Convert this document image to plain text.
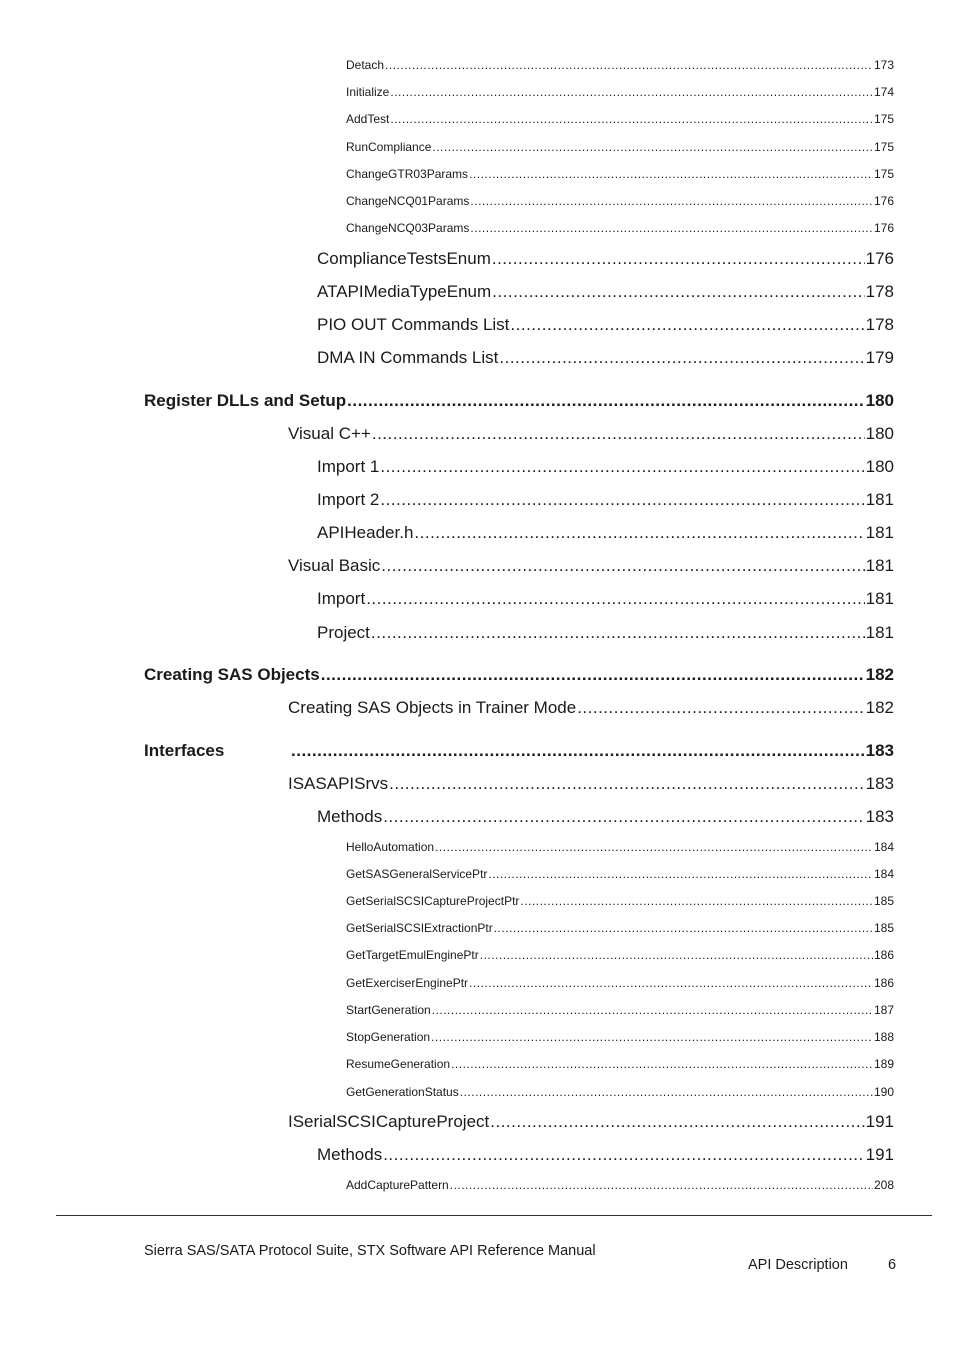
Detach .....	173
Initialize .....	174
AddTest .....	175
RunCompliance .....	175
ChangeGTR03Params .....	175
ChangeNCQ01Params .....	176
ChangeNCQ03Params .....	176
ComplianceTestsEnum .....	176
ATAPIMediaTypeEnum .....	178
PIO OUT Commands List .....	178
DMA IN Commands List .....	179
Register DLLs and Setup .....	180
Visual C++ .....	180
Import 1 .....	180
Import 2 .....	181
APIHeader.h .....	181
Visual Basic .....	181
Import .....	181
Project .....	181
Creating SAS Objects .....	182
Creating SAS Objects in Trainer Mode .....	182
Interfaces .....	183
ISASAPISrvs .....	183
Methods .....	183
HelloAutomation .....	184
GetSASGeneralServicePtr .....	184
GetSerialSCSICaptureProjectPtr .....	185
GetSerialSCSIExtractionPtr .....	185
GetTargetEmulEnginePtr .....	186
GetExerciserEnginePtr .....	186
StartGeneration .....	187
StopGeneration .....	188
ResumeGeneration .....	189
GetGenerationStatus .....	190
ISerialSCSICaptureProject .....	191
Methods .....	191
AddCapturePattern .....	208
Sierra SAS/SATA Protocol Suite, STX Software API Reference Manual
API Description	6
